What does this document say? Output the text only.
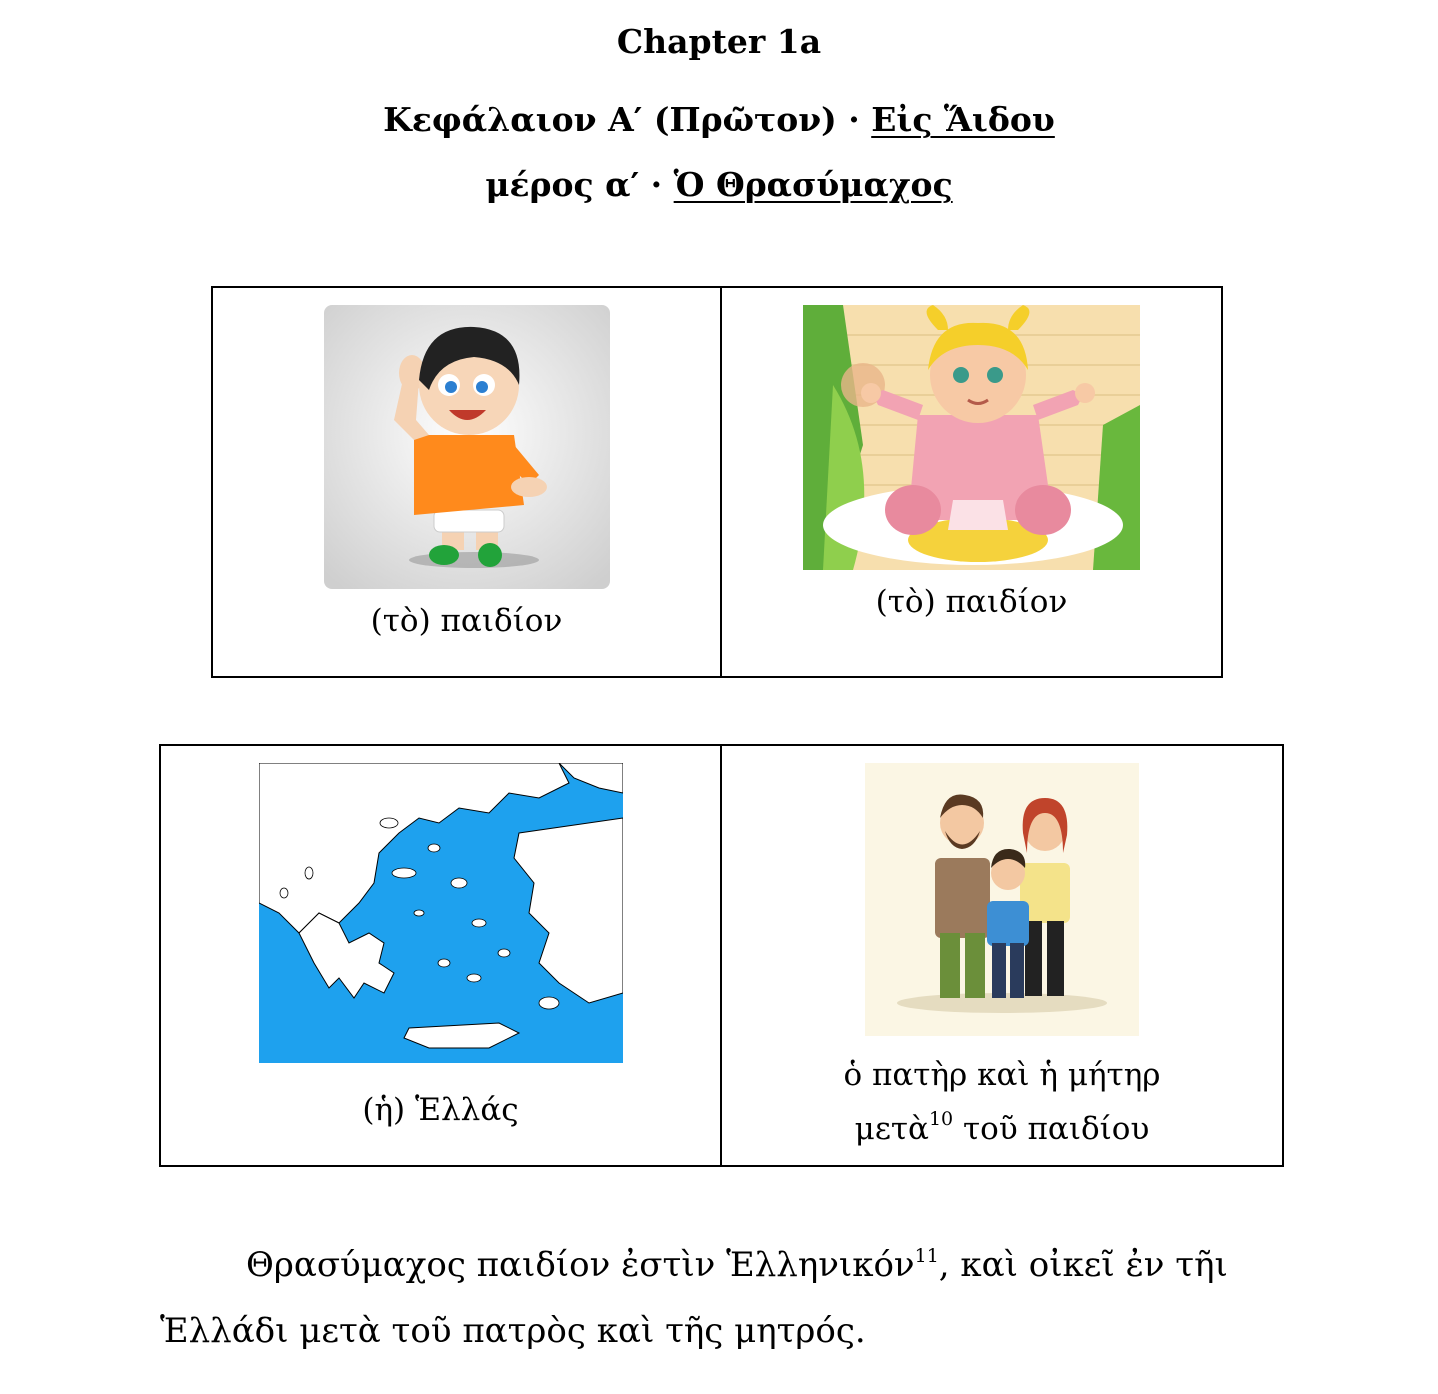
Chapter 1a
Κεφάλαιον Α′ (Πρῶτον) · Εἰς Ἅιδου
μέρος α′ · Ὁ Θρασύμαχος
(τὸ) παιδίον

(τὸ) παιδίον
(ἡ) Ἑλλάς

ὁ πατὴρ καὶ ἡ μήτηρ
μετὰ$^{10}$ τοῦ παιδίου
Θρασύμαχος παιδίον ἐστὶν Ἑλληνικόν$^{11}$, καὶ οἰκεῖ ἐν τῆι Ἑλλάδι μετὰ τοῦ πατρὸς καὶ τῆς μητρός.
